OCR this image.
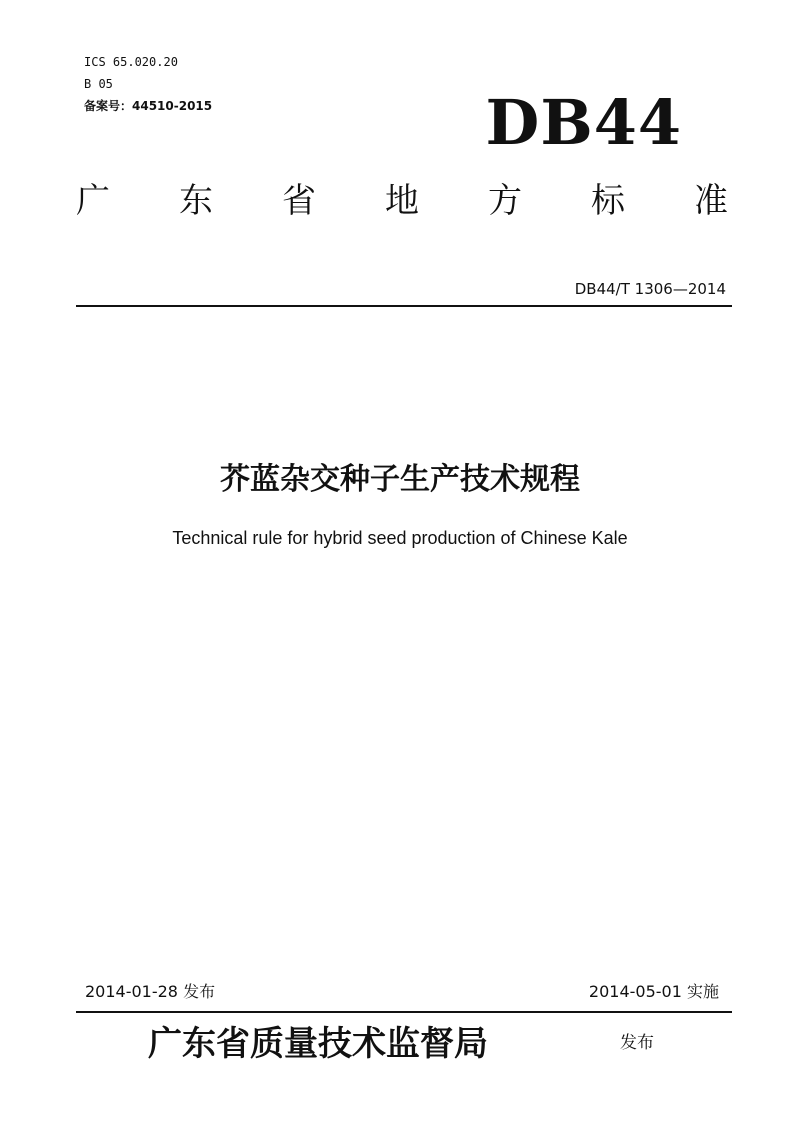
ICS 65.020.20
B 05
备案号：44510-2015	DB44
广 东 省 地 方 标 准
DB44/T 1306—2014
芥蓝杂交种子生产技术规程
Technical rule for hybrid seed production of Chinese Kale
2014-01-28 发布	2014-05-01 实施
广东省质量技术监督局	发布
